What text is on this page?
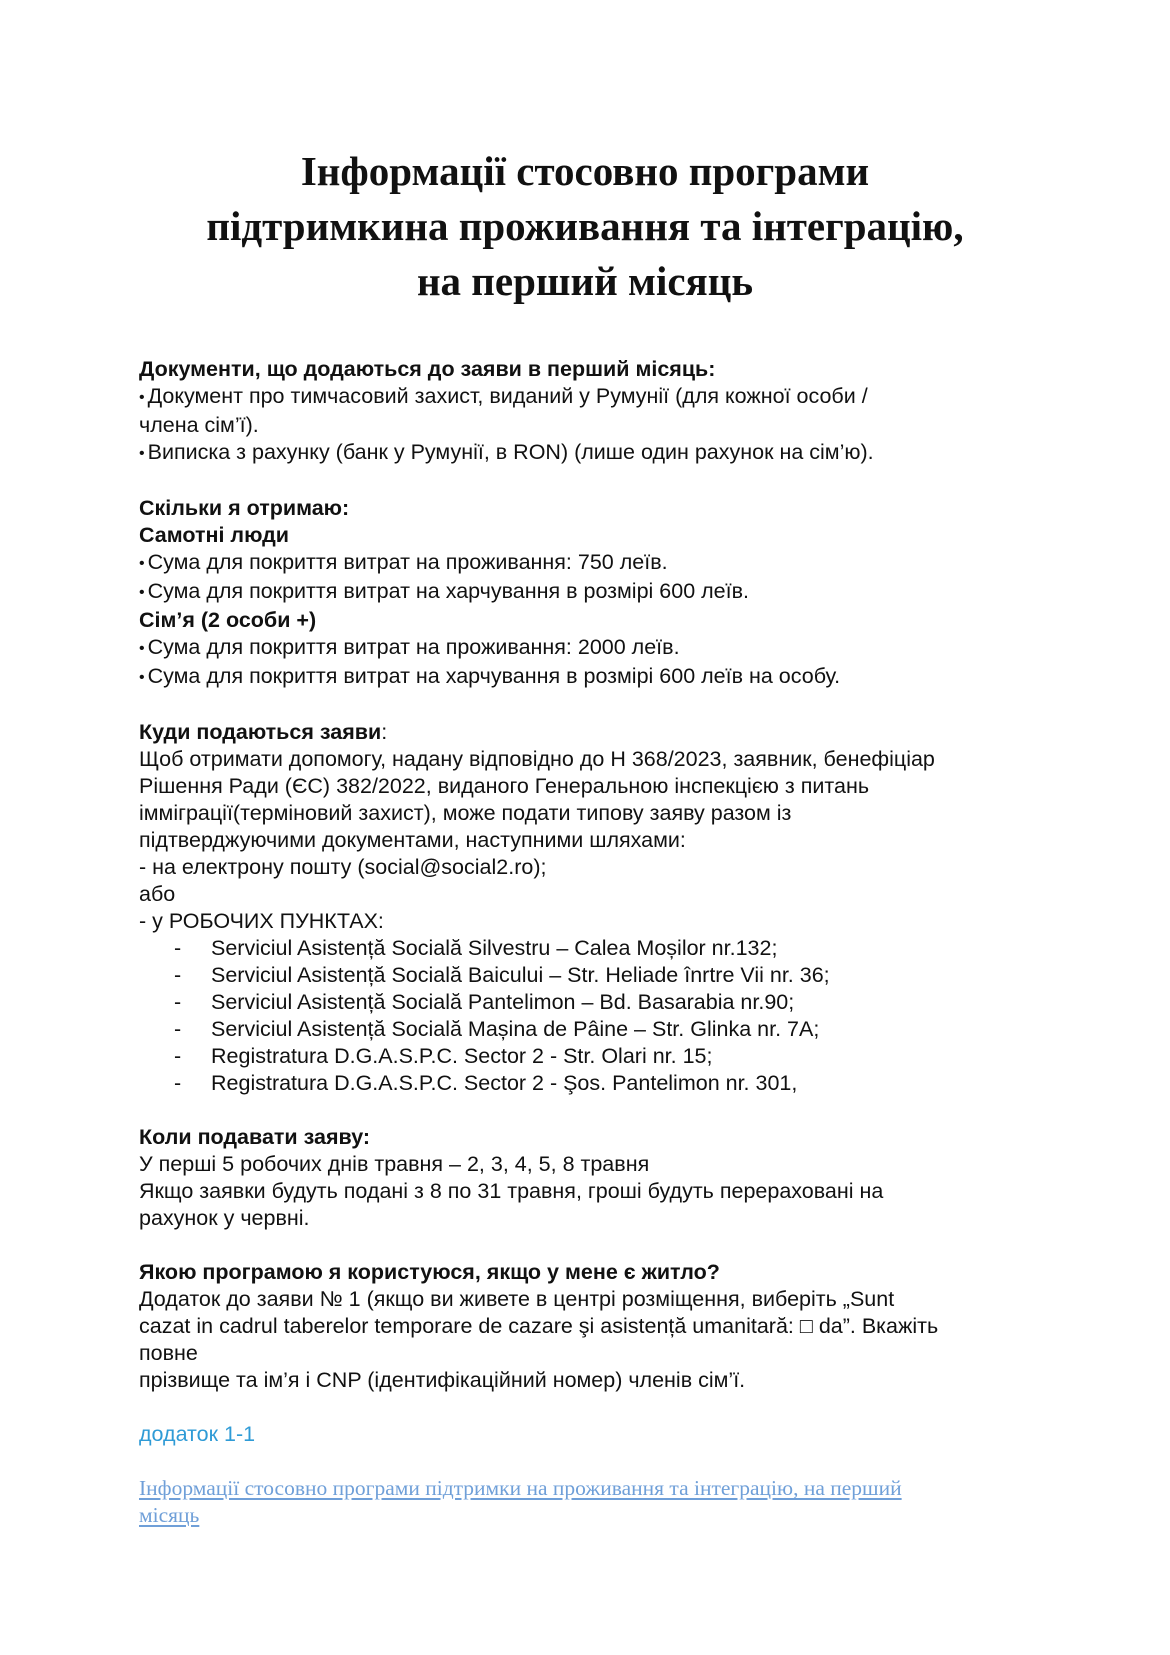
Інформації стосовно програми
підтримкина проживання та інтеграцію,
на перший місяць
Документи, що додаються до заяви в перший місяць:
• Документ про тимчасовий захист, виданий у Румунії (для кожної особи /
члена сім’ї).
• Виписка з рахунку (банк у Румунії, в RON) (лише один рахунок на сім’ю).
Скільки я отримаю:
Самотні люди
• Сума для покриття витрат на проживання: 750 леїв.
• Сума для покриття витрат на харчування в розмірі 600 леїв.
Сім’я (2 особи +)
• Сума для покриття витрат на проживання: 2000 леїв.
• Сума для покриття витрат на харчування в розмірі 600 леїв на особу.
Куди подаються заяви:
Щоб отримати допомогу, надану відповідно до Н 368/2023, заявник, бенефіціар
Рішення Ради (ЄС) 382/2022, виданого Генеральною інспекцією з питань
імміграції(терміновий захист), може подати типову заяву разом із
підтверджуючими документами, наступними шляхами:
- на електрону пошту (social@social2.ro);
або
- у РОБОЧИХ ПУНКТАХ:
- Serviciul Asistență Socială Silvestru – Calea Moșilor nr.132;
- Serviciul Asistență Socială Baicului – Str. Heliade înrtre Vii nr. 36;
- Serviciul Asistență Socială Pantelimon – Bd. Basarabia nr.90;
- Serviciul Asistență Socială Mașina de Pâine – Str. Glinka nr. 7A;
- Registratura D.G.A.S.P.C. Sector 2 - Str. Olari nr. 15;
- Registratura D.G.A.S.P.C. Sector 2 - Şos. Pantelimon nr. 301,
Коли подавати заяву:
У перші 5 робочих днів травня – 2, 3, 4, 5, 8 травня
Якщо заявки будуть подані з 8 по 31 травня, гроші будуть перераховані на
рахунок у червні.
Якою програмою я користуюся, якщо у мене є житло?
Додаток до заяви № 1 (якщо ви живете в центрі розміщення, виберіть „Sunt
cazat in cadrul taberelor temporare de cazare şi asistență umanitară: □ da”. Вкажіть
повне
прізвище та ім’я і CNP (ідентифікаційний номер) членів сім’ї.
додаток 1-1
Інформації стосовно програми підтримки на проживання та інтеграцію, на перший
місяць
